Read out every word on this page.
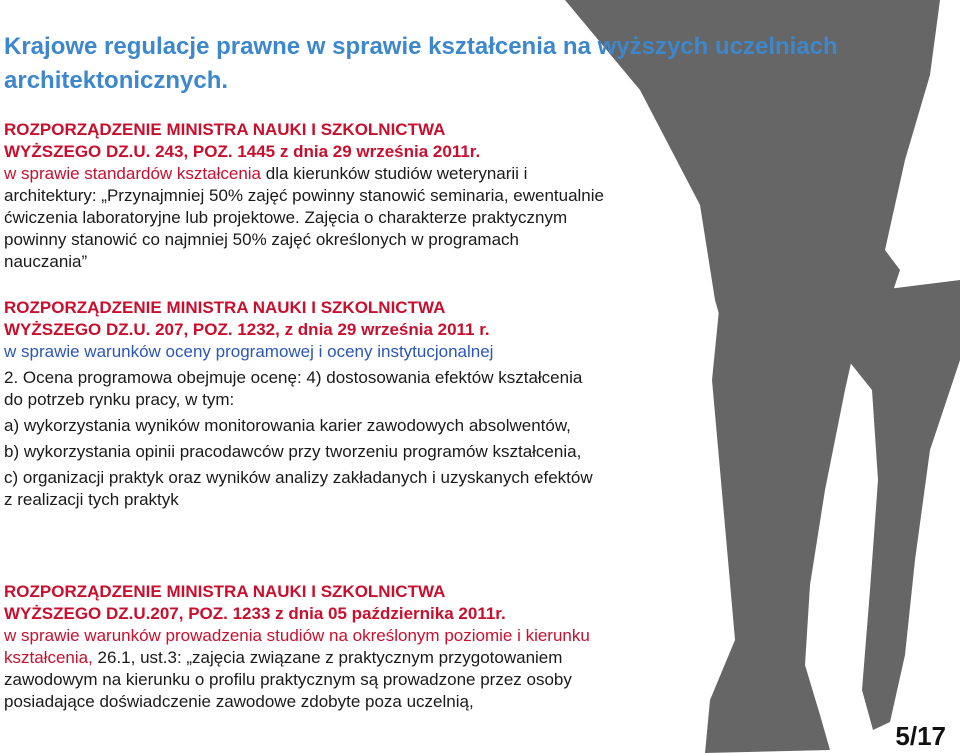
Krajowe regulacje prawne w sprawie kształcenia na wyższych uczelniach architektonicznych.
ROZPORZĄDZENIE MINISTRA NAUKI I SZKOLNICTWA
WYŻSZEGO DZ.U. 243, POZ. 1445 z dnia 29 września 2011r.
w sprawie standardów kształcenia dla kierunków studiów weterynarii i architektury: „Przynajmniej 50% zajęć powinny stanowić seminaria, ewentualnie ćwiczenia laboratoryjne lub projektowe. Zajęcia o charakterze praktycznym powinny stanowić co najmniej 50% zajęć określonych w programach nauczania”
ROZPORZĄDZENIE MINISTRA NAUKI I SZKOLNICTWA
WYŻSZEGO DZ.U. 207, POZ. 1232, z dnia 29 września 2011 r.
w sprawie warunków oceny programowej i oceny instytucjonalnej
2. Ocena programowa obejmuje ocenę: 4) dostosowania efektów kształcenia do potrzeb rynku pracy, w tym:
a) wykorzystania wyników monitorowania karier zawodowych absolwentów,
b) wykorzystania opinii pracodawców przy tworzeniu programów kształcenia,
c) organizacji praktyk oraz wyników analizy zakładanych i uzyskanych efektów z realizacji tych praktyk
ROZPORZĄDZENIE MINISTRA NAUKI I SZKOLNICTWA
WYŻSZEGO DZ.U.207, POZ. 1233 z dnia 05 października 2011r.
w sprawie warunków prowadzenia studiów na określonym poziomie i kierunku kształcenia, 26.1, ust.3: „zajęcia związane z praktycznym przygotowaniem zawodowym na kierunku o profilu praktycznym są prowadzone przez osoby posiadające doświadczenie zawodowe zdobyte poza uczelnią,
5/17
